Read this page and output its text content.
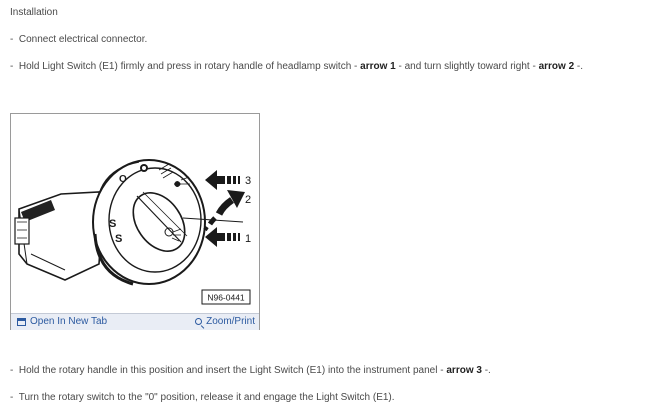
Installation
-  Connect electrical connector.
-  Hold Light Switch (E1) firmly and press in rotary handle of headlamp switch - arrow 1 - and turn slightly toward right - arrow 2 -.
O
S
S
3
2
1
N96-0441
Open In New Tab	Zoom/Print
-  Hold the rotary handle in this position and insert the Light Switch (E1) into the instrument panel - arrow 3 -.
-  Turn the rotary switch to the "0" position, release it and engage the Light Switch (E1).
